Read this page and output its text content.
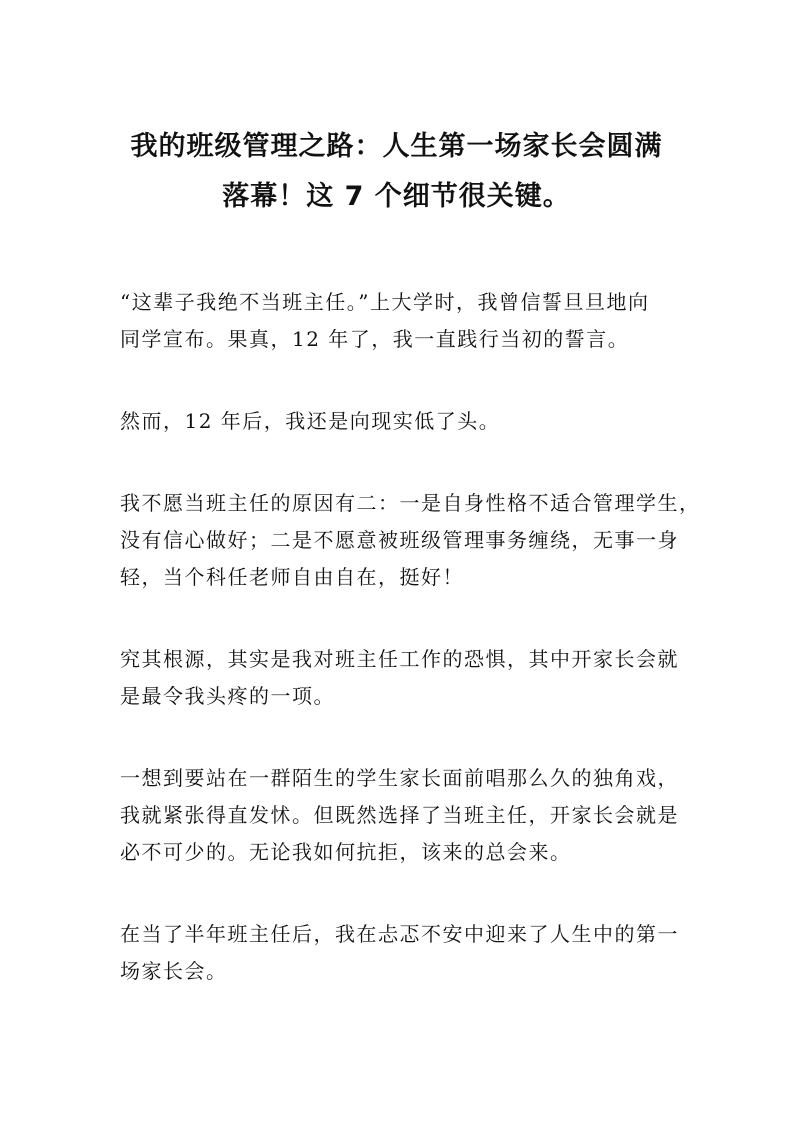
我的班级管理之路：人生第一场家长会圆满
落幕！这 7 个细节很关键。

“这辈子我绝不当班主任。”上大学时，我曾信誓旦旦地向
同学宣布。果真，12 年了，我一直践行当初的誓言。

然而，12 年后，我还是向现实低了头。

我不愿当班主任的原因有二：一是自身性格不适合管理学生，
没有信心做好；二是不愿意被班级管理事务缠绕，无事一身
轻，当个科任老师自由自在，挺好！

究其根源，其实是我对班主任工作的恐惧，其中开家长会就
是最令我头疼的一项。

一想到要站在一群陌生的学生家长面前唱那么久的独角戏，
我就紧张得直发怵。但既然选择了当班主任，开家长会就是
必不可少的。无论我如何抗拒，该来的总会来。

在当了半年班主任后，我在忐忑不安中迎来了人生中的第一
场家长会。
